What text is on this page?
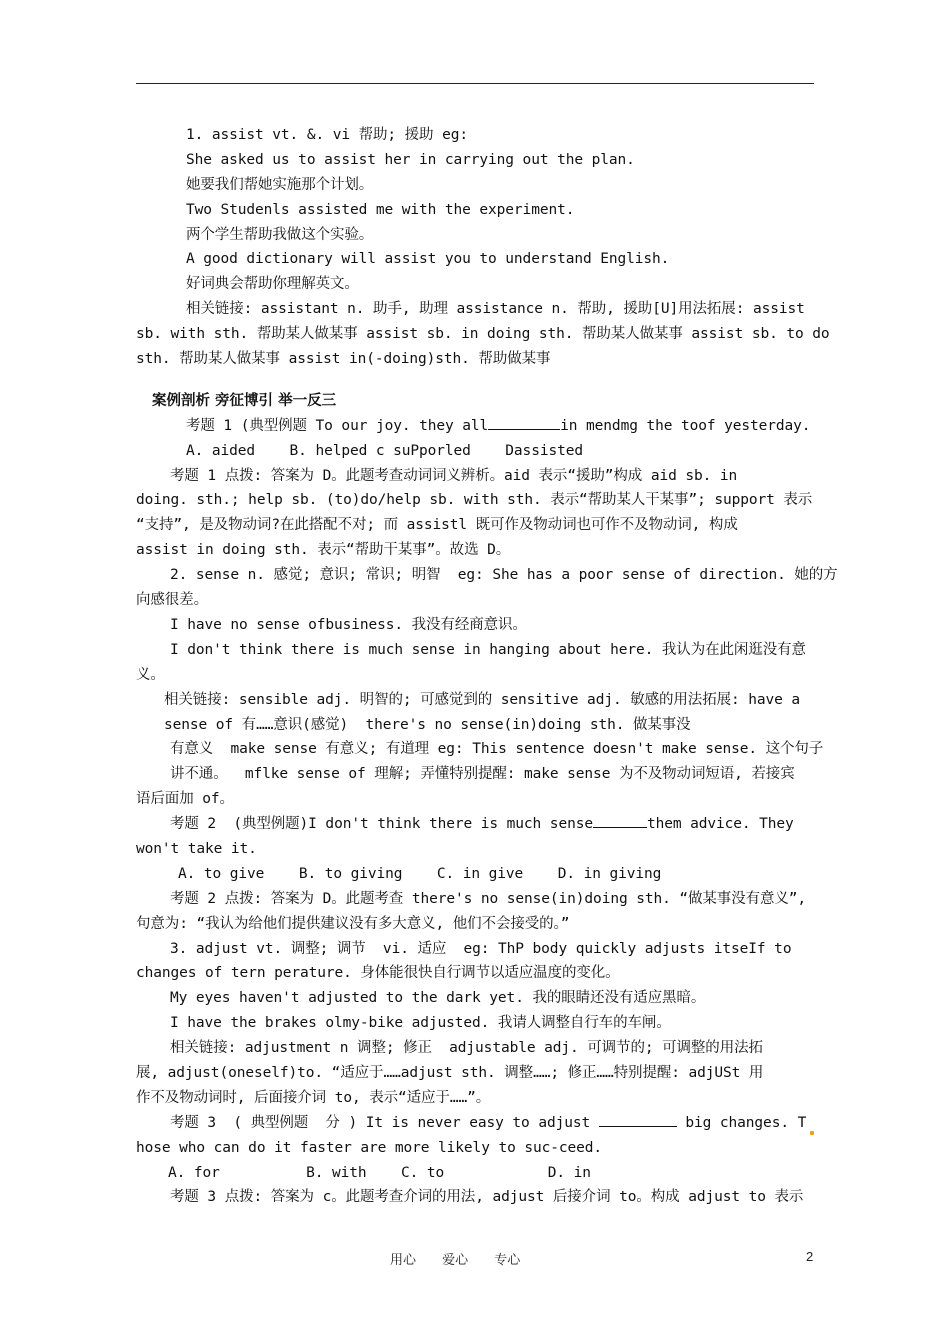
1. assist vt. &. vi 帮助; 援助 eg:
She asked us to assist her in carrying out the plan.
她要我们帮她实施那个计划。
Two Studenls assisted me with the experiment.
两个学生帮助我做这个实验。
A good dictionary will assist you to understand English.
好词典会帮助你理解英文。
相关链接: assistant n. 助手, 助理 assistance n. 帮助, 援助[U]用法拓展: assist
sb. with sth. 帮助某人做某事 assist sb. in doing sth. 帮助某人做某事 assist sb. to do
sth. 帮助某人做某事 assist in(-doing)sth. 帮助做某事
案例剖析 旁征博引 举一反三
考题 1 (典型例题 To our joy. they all	in mendmg the toof yesterday.
A. aided    B. helped c suPporled    Dassisted
考题 1 点拨: 答案为 D。此题考查动词词义辨析。aid 表示“援助”构成 aid sb. in
doing. sth.; help sb. (to)do/help sb. with sth. 表示“帮助某人干某事”; support 表示
“支持”, 是及物动词?在此搭配不对; 而 assistl 既可作及物动词也可作不及物动词, 构成
assist in doing sth. 表示“帮助干某事”。故选 D。
2. sense n. 感觉; 意识; 常识; 明智  eg: She has a poor sense of direction. 她的方
向感很差。
I have no sense ofbusiness. 我没有经商意识。
I don't think there is much sense in hanging about here. 我认为在此闲逛没有意
义。
相关链接: sensible adj. 明智的; 可感觉到的 sensitive adj. 敏感的用法拓展: have a
sense of 有……意识(感觉)  there's no sense(in)doing sth. 做某事没
有意义  make sense 有意义; 有道理 eg: This sentence doesn't make sense. 这个句子
讲不通。  mflke sense of 理解; 弄懂特别提醒: make sense 为不及物动词短语, 若接宾
语后面加 of。
考题 2  (典型例题)I don't think there is much sense	them advice. They
won't take it.
A. to give    B. to giving    C. in give    D. in giving
考题 2 点拨: 答案为 D。此题考查 there's no sense(in)doing sth. “做某事没有意义”,
句意为: “我认为给他们提供建议没有多大意义, 他们不会接受的。”
3. adjust vt. 调整; 调节  vi. 适应  eg: ThP body quickly adjusts itseIf to
changes of tern perature. 身体能很快自行调节以适应温度的变化。
My eyes haven't adjusted to the dark yet. 我的眼睛还没有适应黑暗。
I have the brakes olmy-bike adjusted. 我请人调整自行车的车闸。
相关链接: adjustment n 调整; 修正  adjustable adj. 可调节的; 可调整的用法拓
展, adjust(oneself)to. “适应于……adjust sth. 调整……; 修正……特别提醒: adjUSt 用
作不及物动词时, 后面接介词 to, 表示“适应于……”。
考题 3  ( 典型例题  分 ) It is never easy to adjust	big changes. T
hose who can do it faster are more likely to suc-ceed.
A. for          B. with    C. to            D. in
考题 3 点拨: 答案为 c。此题考查介词的用法, adjust 后接介词 to。构成 adjust to 表示
用心 爱心 专心	2
